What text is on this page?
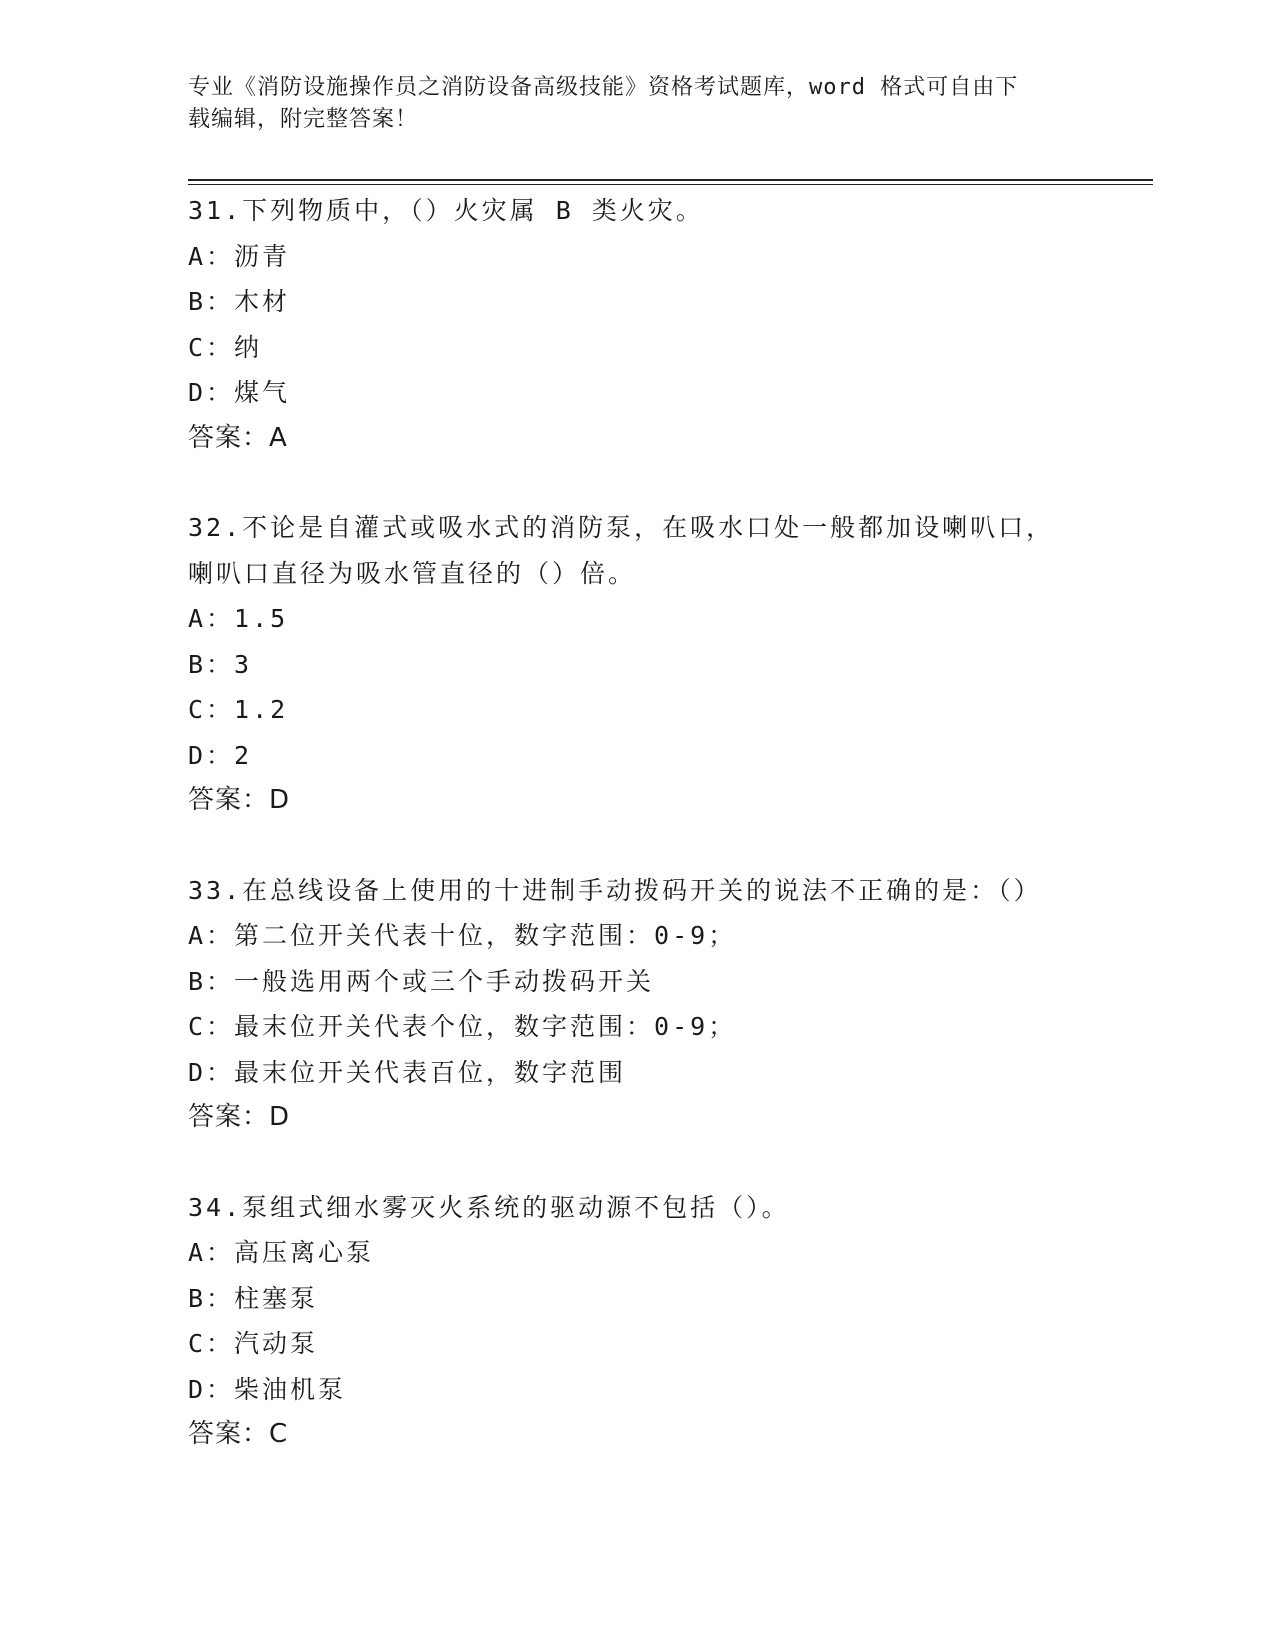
专业《消防设施操作员之消防设备高级技能》资格考试题库，word 格式可自由下
载编辑，附完整答案！
31.下列物质中，（）火灾属 B 类火灾。
A：沥青
B：木材
C：纳
D：煤气
答案：A
32.不论是自灌式或吸水式的消防泵，在吸水口处一般都加设喇叭口，
喇叭口直径为吸水管直径的（）倍。
A：1.5
B：3
C：1.2
D：2
答案：D
33.在总线设备上使用的十进制手动拨码开关的说法不正确的是：（）
A：第二位开关代表十位，数字范围：0-9；
B：一般选用两个或三个手动拨码开关
C：最末位开关代表个位，数字范围：0-9；
D：最末位开关代表百位，数字范围
答案：D
34.泵组式细水雾灭火系统的驱动源不包括（）。
A：高压离心泵
B：柱塞泵
C：汽动泵
D：柴油机泵
答案：C
